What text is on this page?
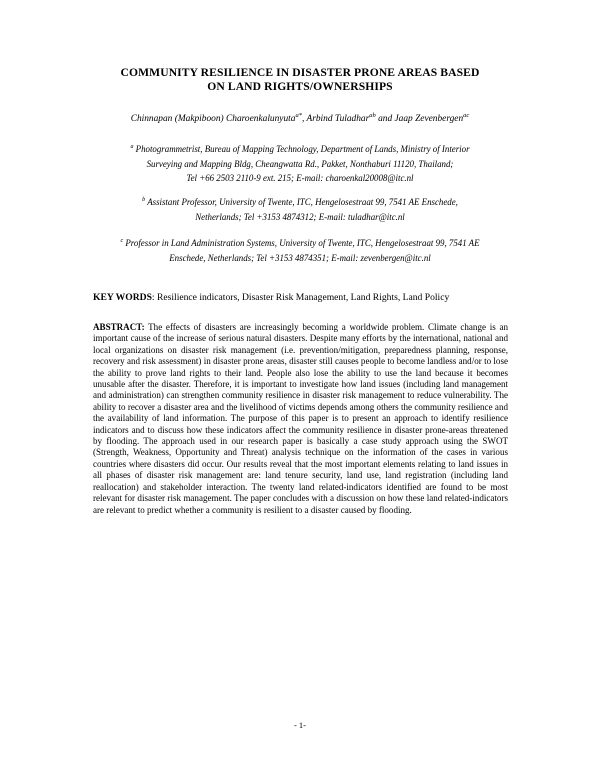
COMMUNITY RESILIENCE IN DISASTER PRONE AREAS BASED
ON LAND RIGHTS/OWNERSHIPS
Chinnapan (Makpiboon) Charoenkalunyuta$^{a*}$, Arbind Tuladhar$^{ab}$ and Jaap Zevenbergen$^{ac}$
$^a$ Photogrammetrist, Bureau of Mapping Technology, Department of Lands, Ministry of Interior
Surveying and Mapping Bldg, Cheangwatta Rd., Pakket, Nonthaburi 11120, Thailand;
Tel +66 2503 2110-9 ext. 215; E-mail: charoenkal20008@itc.nl
$^b$ Assistant Professor, University of Twente, ITC, Hengelosestraat 99, 7541 AE Enschede,
Netherlands; Tel +3153 4874312; E-mail: tuladhar@itc.nl
$^c$ Professor in Land Administration Systems, University of Twente, ITC, Hengelosestraat 99, 7541 AE
Enschede, Netherlands; Tel +3153 4874351; E-mail: zevenbergen@itc.nl
KEY WORDS: Resilience indicators, Disaster Risk Management, Land Rights, Land Policy
ABSTRACT: The effects of disasters are increasingly becoming a worldwide problem. Climate change is an important cause of the increase of serious natural disasters. Despite many efforts by the international, national and local organizations on disaster risk management (i.e. prevention/mitigation, preparedness planning, response, recovery and risk assessment) in disaster prone areas, disaster still causes people to become landless and/or to lose the ability to prove land rights to their land. People also lose the ability to use the land because it becomes unusable after the disaster. Therefore, it is important to investigate how land issues (including land management and administration) can strengthen community resilience in disaster risk management to reduce vulnerability. The ability to recover a disaster area and the livelihood of victims depends among others the community resilience and the availability of land information. The purpose of this paper is to present an approach to identify resilience indicators and to discuss how these indicators affect the community resilience in disaster prone-areas threatened by flooding. The approach used in our research paper is basically a case study approach using the SWOT (Strength, Weakness, Opportunity and Threat) analysis technique on the information of the cases in various countries where disasters did occur. Our results reveal that the most important elements relating to land issues in all phases of disaster risk management are: land tenure security, land use, land registration (including land reallocation) and stakeholder interaction. The twenty land related-indicators identified are found to be most relevant for disaster risk management. The paper concludes with a discussion on how these land related-indicators are relevant to predict whether a community is resilient to a disaster caused by flooding.
- 1-
